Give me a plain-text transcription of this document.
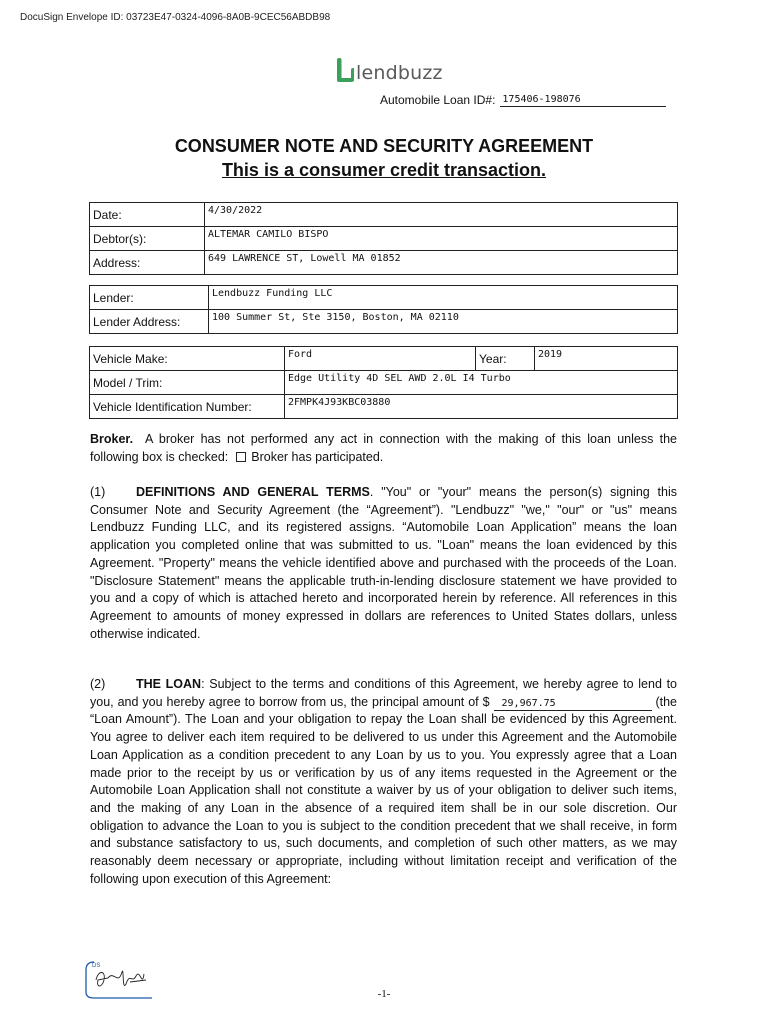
DocuSign Envelope ID: 03723E47-0324-4096-8A0B-9CEC56ABDB98
lendbuzz
Automobile Loan ID#: 175406-198076
CONSUMER NOTE AND SECURITY AGREEMENT
This is a consumer credit transaction.
Date:	4/30/2022
Debtor(s):	ALTEMAR CAMILO BISPO
Address:	649 LAWRENCE ST, Lowell MA 01852
Lender:	Lendbuzz Funding LLC
Lender Address:	100 Summer St, Ste 3150, Boston, MA 02110
Vehicle Make:	Ford	Year:	2019
Model / Trim:	Edge Utility 4D SEL AWD 2.0L I4 Turbo		
Vehicle Identification Number:	2FMPK4J93KBC03880		
Broker. A broker has not performed any act in connection with the making of this loan unless the following box is checked: Broker has participated.
(1) DEFINITIONS AND GENERAL TERMS. "You" or "your" means the person(s) signing this Consumer Note and Security Agreement (the “Agreement”). "Lendbuzz" "we," "our" or "us" means Lendbuzz Funding LLC, and its registered assigns. “Automobile Loan Application” means the loan application you completed online that was submitted to us. "Loan" means the loan evidenced by this Agreement. "Property" means the vehicle identified above and purchased with the proceeds of the Loan. "Disclosure Statement" means the applicable truth-in-lending disclosure statement we have provided to you and a copy of which is attached hereto and incorporated herein by reference. All references in this Agreement to amounts of money expressed in dollars are references to United States dollars, unless otherwise indicated.
(2) THE LOAN: Subject to the terms and conditions of this Agreement, we hereby agree to lend to you, and you hereby agree to borrow from us, the principal amount of $ 29,967.75	(the “Loan Amount”). The Loan and your obligation to repay the Loan shall be evidenced by this Agreement. You agree to deliver each item required to be delivered to us under this Agreement and the Automobile Loan Application as a condition precedent to any Loan by us to you. You expressly agree that a Loan made prior to the receipt by us or verification by us of any items requested in the Agreement or the Automobile Loan Application shall not constitute a waiver by us of your obligation to deliver such items, and the making of any Loan in the absence of a required item shall be in our sole discretion. Our obligation to advance the Loan to you is subject to the condition precedent that we shall receive, in form and substance satisfactory to us, such documents, and completion of such other matters, as we may reasonably deem necessary or appropriate, including without limitation receipt and verification of the following upon execution of this Agreement:
DS
-1-
